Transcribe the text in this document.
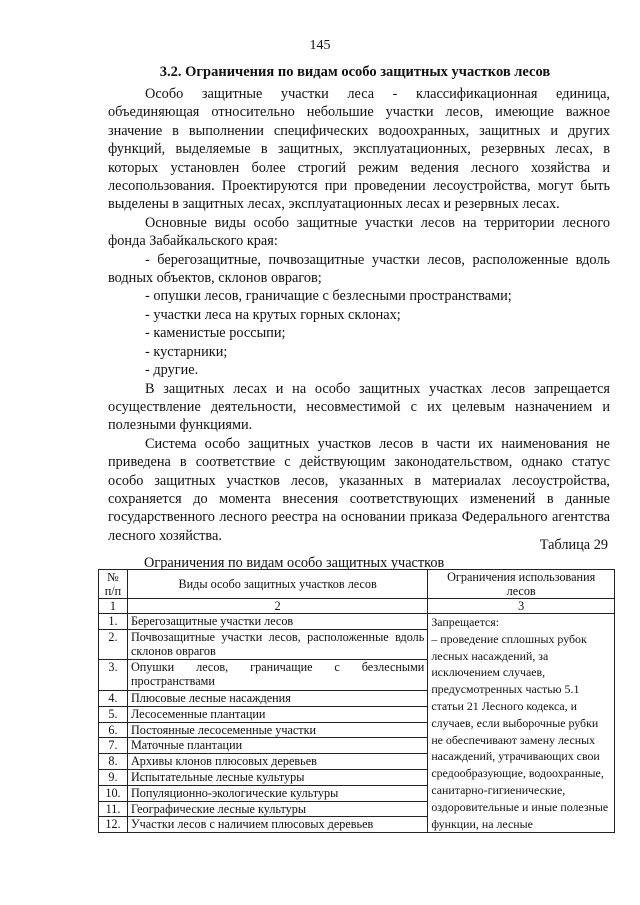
145
3.2. Ограничения по видам особо защитных участков лесов

Особо защитные участки леса - классификационная единица, объединяющая относительно небольшие участки лесов, имеющие важное значение в выполнении специфических водоохранных, защитных и других функций, выделяемые в защитных, эксплуатационных, резервных лесах, в которых установлен более строгий режим ведения лесного хозяйства и лесопользования. Проектируются при проведении лесоустройства, могут быть выделены в защитных лесах, эксплуатационных лесах и резервных лесах.

Основные виды особо защитные участки лесов на территории лесного фонда Забайкальского края:

- берегозащитные, почвозащитные участки лесов, расположенные вдоль водных объектов, склонов оврагов;

- опушки лесов, граничащие с безлесными пространствами;

- участки леса на крутых горных склонах;

- каменистые россыпи;

- кустарники;

- другие.

В защитных лесах и на особо защитных участках лесов запрещается осуществление деятельности, несовместимой с их целевым назначением и полезными функциями.

Система особо защитных участков лесов в части их наименования не приведена в соответствие с действующим законодательством, однако статус особо защитных участков лесов, указанных в материалах лесоустройства, сохраняется до момента внесения соответствующих изменений в данные государственного лесного реестра на основании приказа Федерального агентства лесного хозяйства.

Таблица 29
Ограничения по видам особо защитных участков
№ п/п	Виды особо защитных участков лесов	Ограничения использования лесов
1	2	3
1.	Берегозащитные участки лесов	Запрещается:
– проведение сплошных рубок лесных насаждений, за исключением случаев, предусмотренных частью 5.1 статьи 21 Лесного кодекса, и случаев, если выборочные рубки не обеспечивают замену лесных насаждений, утрачивающих свои средообразующие, водоохранные, санитарно-гигиенические, оздоровительные и иные полезные функции, на лесные

2.	Почвозащитные участки лесов, расположенные вдоль склонов оврагов	
3.	Опушки лесов, граничащие с безлесными пространствами	
4.	Плюсовые лесные насаждения	
5.	Лесосеменные плантации	
6.	Постоянные лесосеменные участки	
7.	Маточные плантации	
8.	Архивы клонов плюсовых деревьев	
9.	Испытательные лесные культуры	
10.	Популяционно-экологические культуры	
11.	Географические лесные культуры	
12.	Участки лесов с наличием плюсовых деревьев	
